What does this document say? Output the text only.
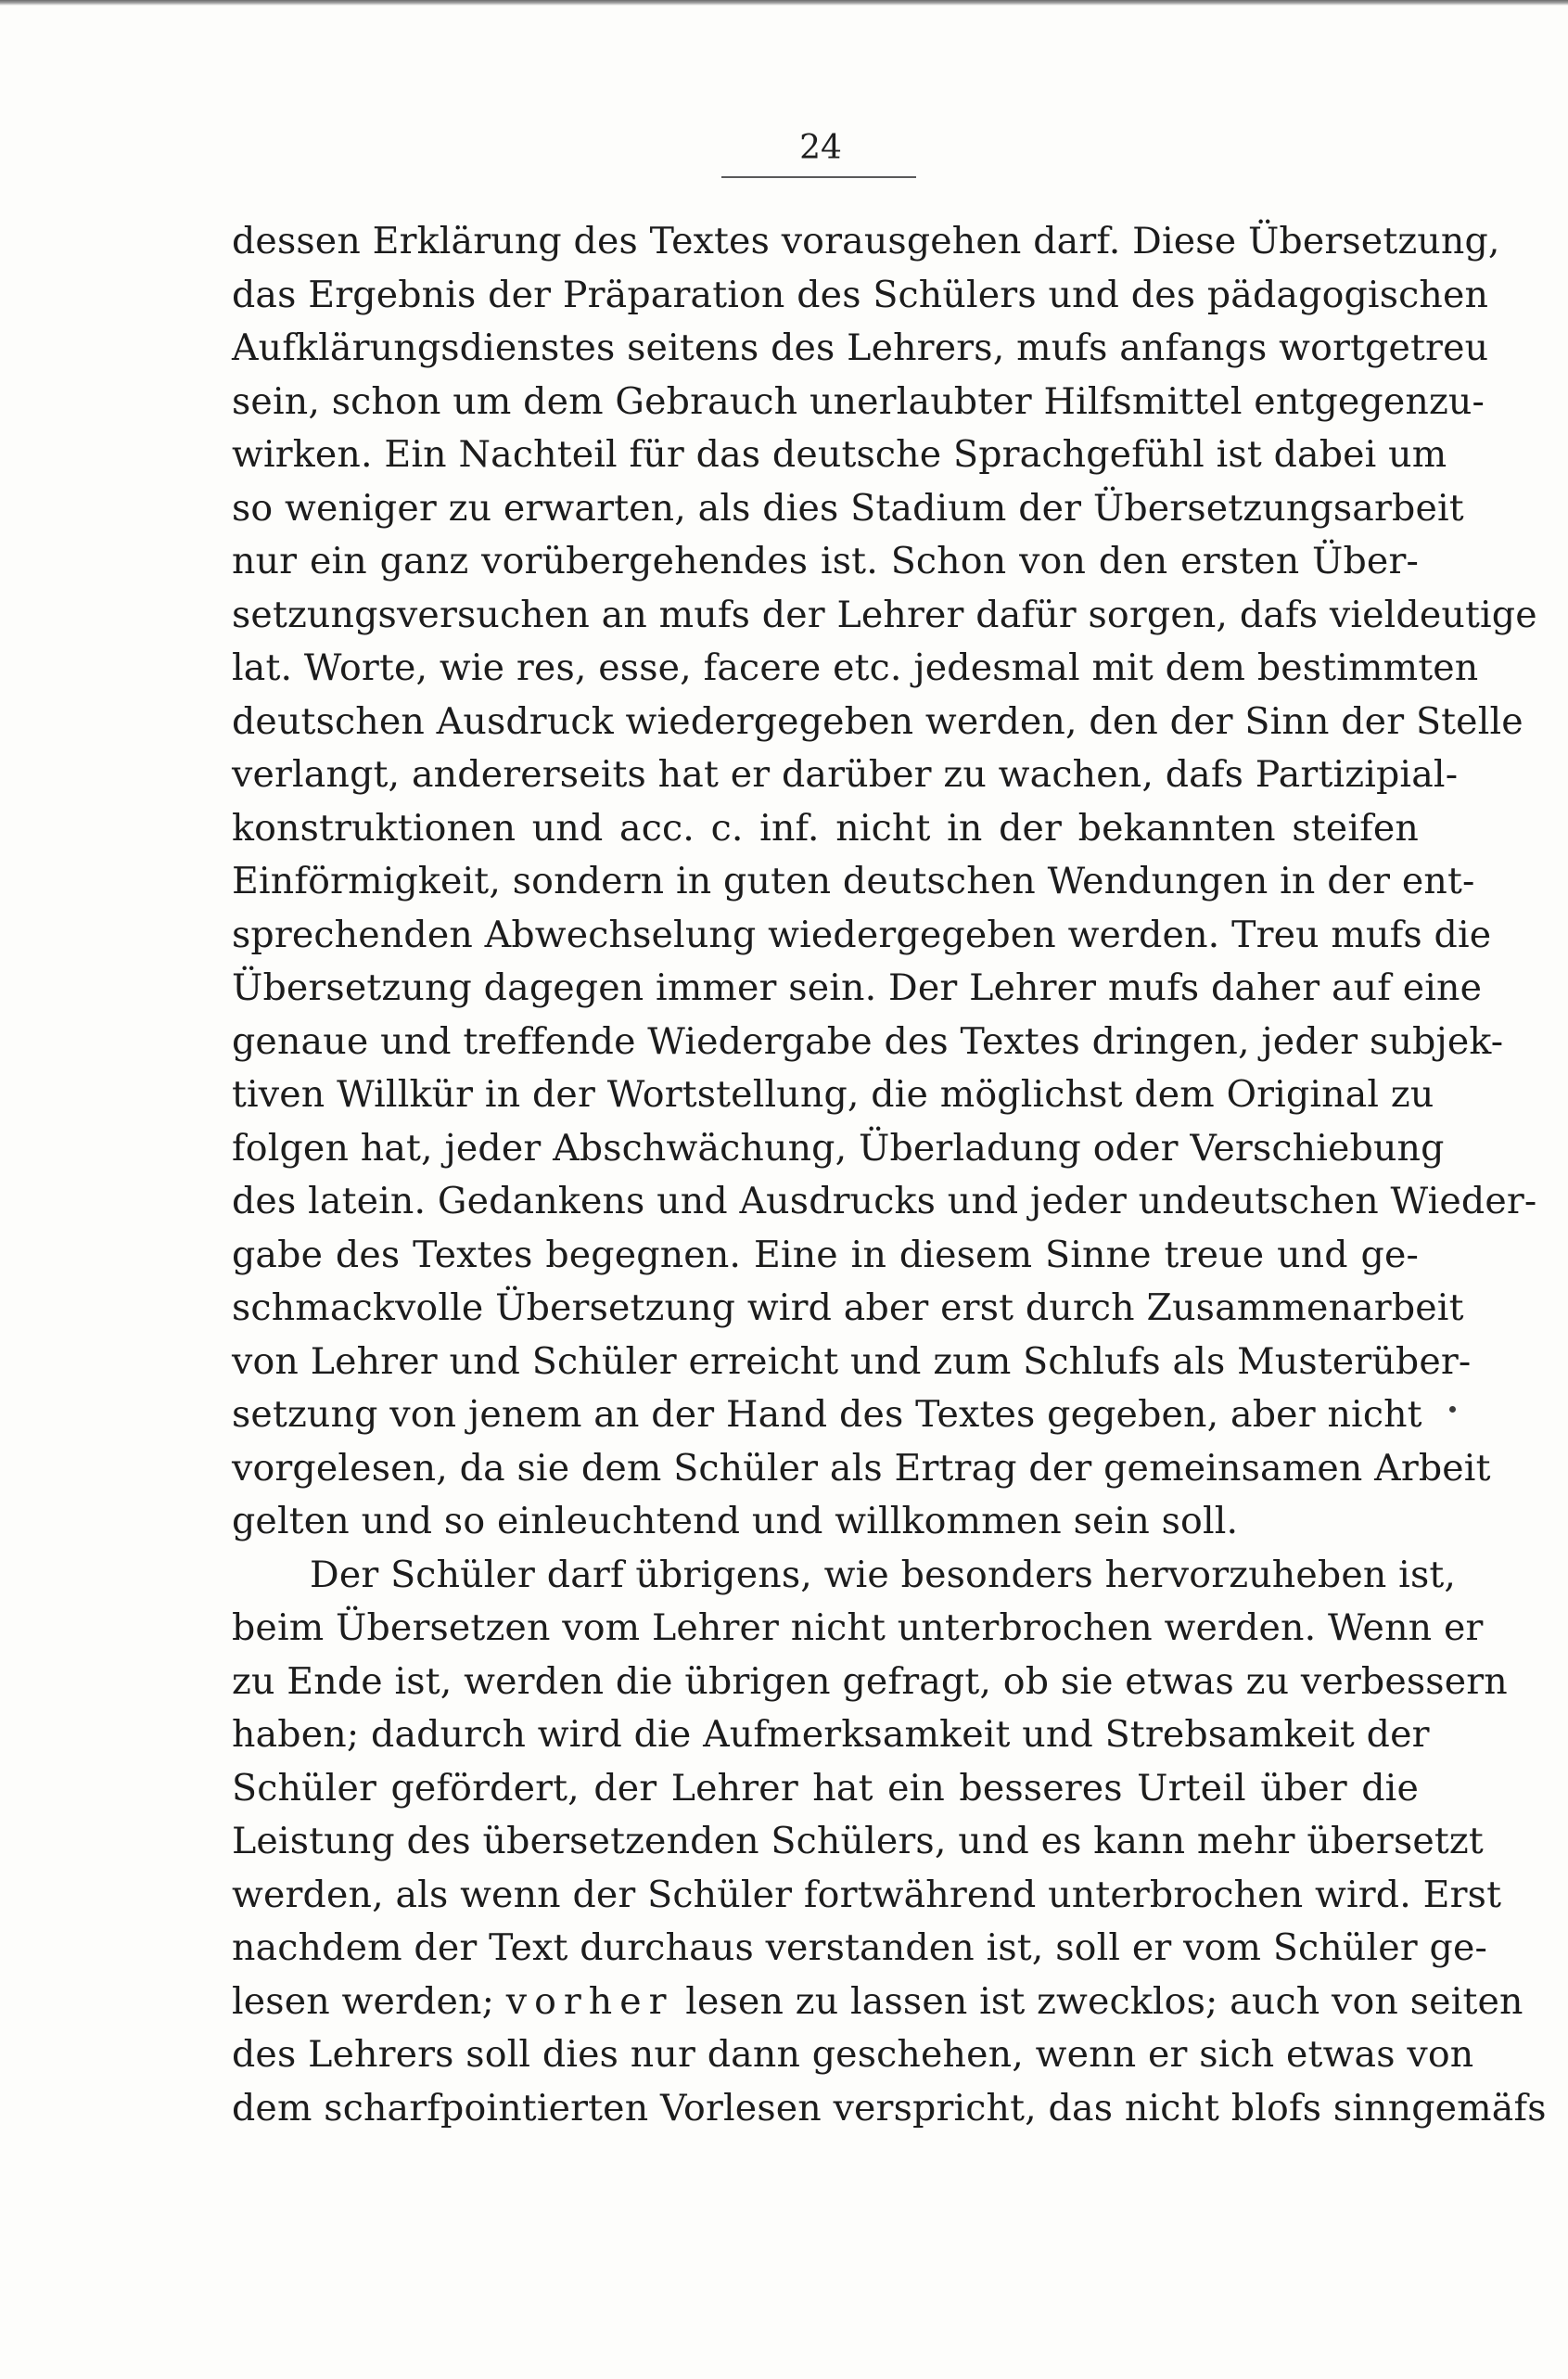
24
dessen Erklärung des Textes vorausgehen darf. Diese Übersetzung,
das Ergebnis der Präparation des Schülers und des pädagogischen
Aufklärungsdienstes seitens des Lehrers, mufs anfangs wortgetreu
sein, schon um dem Gebrauch unerlaubter Hilfsmittel entgegenzu-
wirken. Ein Nachteil für das deutsche Sprachgefühl ist dabei um
so weniger zu erwarten, als dies Stadium der Übersetzungsarbeit
nur ein ganz vorübergehendes ist. Schon von den ersten Über-
setzungsversuchen an mufs der Lehrer dafür sorgen, dafs vieldeutige
lat. Worte, wie res, esse, facere etc. jedesmal mit dem bestimmten
deutschen Ausdruck wiedergegeben werden, den der Sinn der Stelle
verlangt, andererseits hat er darüber zu wachen, dafs Partizipial-
konstruktionen und acc. c. inf. nicht in der bekannten steifen
Einförmigkeit, sondern in guten deutschen Wendungen in der ent-
sprechenden Abwechselung wiedergegeben werden. Treu mufs die
Übersetzung dagegen immer sein. Der Lehrer mufs daher auf eine
genaue und treffende Wiedergabe des Textes dringen, jeder subjek-
tiven Willkür in der Wortstellung, die möglichst dem Original zu
folgen hat, jeder Abschwächung, Überladung oder Verschiebung
des latein. Gedankens und Ausdrucks und jeder undeutschen Wieder-
gabe des Textes begegnen. Eine in diesem Sinne treue und ge-
schmackvolle Übersetzung wird aber erst durch Zusammenarbeit
von Lehrer und Schüler erreicht und zum Schlufs als Musterüber-
setzung von jenem an der Hand des Textes gegeben, aber nicht
vorgelesen, da sie dem Schüler als Ertrag der gemeinsamen Arbeit
gelten und so einleuchtend und willkommen sein soll.
Der Schüler darf übrigens, wie besonders hervorzuheben ist,
beim Übersetzen vom Lehrer nicht unterbrochen werden. Wenn er
zu Ende ist, werden die übrigen gefragt, ob sie etwas zu verbessern
haben; dadurch wird die Aufmerksamkeit und Strebsamkeit der
Schüler gefördert, der Lehrer hat ein besseres Urteil über die
Leistung des übersetzenden Schülers, und es kann mehr übersetzt
werden, als wenn der Schüler fortwährend unterbrochen wird. Erst
nachdem der Text durchaus verstanden ist, soll er vom Schüler ge-
lesen werden; vorher lesen zu lassen ist zwecklos; auch von seiten
des Lehrers soll dies nur dann geschehen, wenn er sich etwas von
dem scharfpointierten Vorlesen verspricht, das nicht blofs sinngemäfs
